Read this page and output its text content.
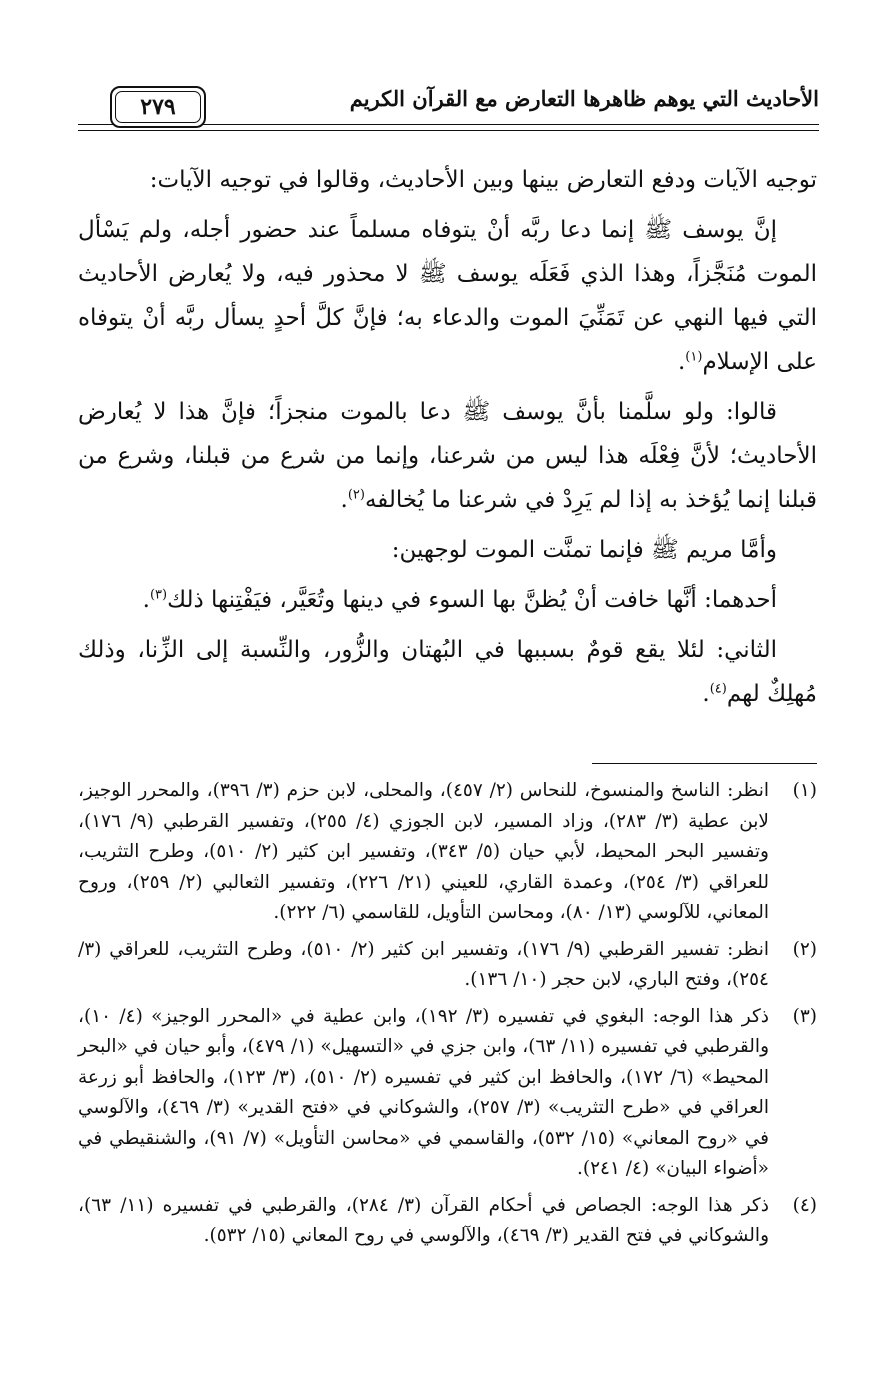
الأحاديث التي يوهم ظاهرها التعارض مع القرآن الكريم
٢٧٩

توجيه الآيات ودفع التعارض بينها وبين الأحاديث، وقالوا في توجيه الآيات:

إنَّ يوسف ﷺ إنما دعا ربَّه أنْ يتوفاه مسلماً عند حضور أجله، ولم يَسْأل الموت مُنَجَّزاً، وهذا الذي فَعَلَه يوسف ﷺ لا محذور فيه، ولا يُعارض الأحاديث التي فيها النهي عن تَمَنِّيَ الموت والدعاء به؛ فإنَّ كلَّ أحدٍ يسأل ربَّه أنْ يتوفاه على الإسلام$^{(١)}$.

قالوا: ولو سلَّمنا بأنَّ يوسف ﷺ دعا بالموت منجزاً؛ فإنَّ هذا لا يُعارض الأحاديث؛ لأنَّ فِعْلَه هذا ليس من شرعنا، وإنما من شرع من قبلنا، وشرع من قبلنا إنما يُؤخذ به إذا لم يَرِدْ في شرعنا ما يُخالفه$^{(٢)}$.

وأمَّا مريم ﷺ فإنما تمنَّت الموت لوجهين:

أحدهما: أنَّها خافت أنْ يُظنَّ بها السوء في دينها وتُعَيَّر، فيَفْتِنها ذلك$^{(٣)}$.

الثاني: لئلا يقع قومٌ بسببها في البُهتان والزُّور، والنِّسبة إلى الزِّنا، وذلك مُهلِكٌ لهم$^{(٤)}$.

(١)
انظر: الناسخ والمنسوخ، للنحاس (٢/ ٤٥٧)، والمحلى، لابن حزم (٣/ ٣٩٦)، والمحرر الوجيز، لابن عطية (٣/ ٢٨٣)، وزاد المسير، لابن الجوزي (٤/ ٢٥٥)، وتفسير القرطبي (٩/ ١٧٦)، وتفسير البحر المحيط، لأبي حيان (٥/ ٣٤٣)، وتفسير ابن كثير (٢/ ٥١٠)، وطرح التثريب، للعراقي (٣/ ٢٥٤)، وعمدة القاري، للعيني (٢١/ ٢٢٦)، وتفسير الثعالبي (٢/ ٢٥٩)، وروح المعاني، للآلوسي (١٣/ ٨٠)، ومحاسن التأويل، للقاسمي (٦/ ٢٢٢).
(٢)
انظر: تفسير القرطبي (٩/ ١٧٦)، وتفسير ابن كثير (٢/ ٥١٠)، وطرح التثريب، للعراقي (٣/ ٢٥٤)، وفتح الباري، لابن حجر (١٠/ ١٣٦).
(٣)
ذكر هذا الوجه: البغوي في تفسيره (٣/ ١٩٢)، وابن عطية في «المحرر الوجيز» (٤/ ١٠)، والقرطبي في تفسيره (١١/ ٦٣)، وابن جزي في «التسهيل» (١/ ٤٧٩)، وأبو حيان في «البحر المحيط» (٦/ ١٧٢)، والحافظ ابن كثير في تفسيره (٢/ ٥١٠)، (٣/ ١٢٣)، والحافظ أبو زرعة العراقي في «طرح التثريب» (٣/ ٢٥٧)، والشوكاني في «فتح القدير» (٣/ ٤٦٩)، والآلوسي في «روح المعاني» (١٥/ ٥٣٢)، والقاسمي في «محاسن التأويل» (٧/ ٩١)، والشنقيطي في «أضواء البيان» (٤/ ٢٤١).
(٤)
ذكر هذا الوجه: الجصاص في أحكام القرآن (٣/ ٢٨٤)، والقرطبي في تفسيره (١١/ ٦٣)، والشوكاني في فتح القدير (٣/ ٤٦٩)، والآلوسي في روح المعاني (١٥/ ٥٣٢).
